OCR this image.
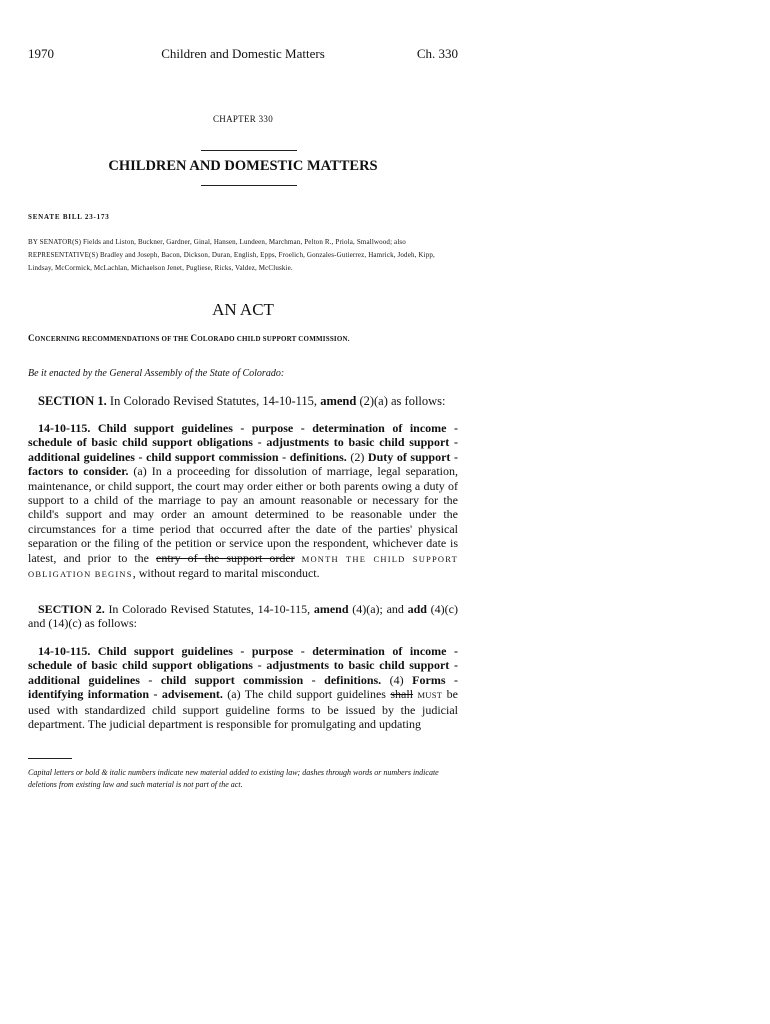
1970	Children and Domestic Matters	Ch. 330
CHAPTER 330
CHILDREN AND DOMESTIC MATTERS
SENATE BILL 23-173
BY SENATOR(S) Fields and Liston, Buckner, Gardner, Ginal, Hansen, Lundeen, Marchman, Pelton R., Priola, Smallwood; also REPRESENTATIVE(S) Bradley and Joseph, Bacon, Dickson, Duran, English, Epps, Froelich, Gonzales-Gutierrez, Hamrick, Jodeh, Kipp, Lindsay, McCormick, McLachlan, Michaelson Jenet, Pugliese, Ricks, Valdez, McCluskie.
AN ACT
CONCERNING RECOMMENDATIONS OF THE COLORADO CHILD SUPPORT COMMISSION.
Be it enacted by the General Assembly of the State of Colorado:
SECTION 1. In Colorado Revised Statutes, 14-10-115, amend (2)(a) as follows:
14-10-115. Child support guidelines - purpose - determination of income - schedule of basic child support obligations - adjustments to basic child support - additional guidelines - child support commission - definitions. (2) Duty of support - factors to consider. (a) In a proceeding for dissolution of marriage, legal separation, maintenance, or child support, the court may order either or both parents owing a duty of support to a child of the marriage to pay an amount reasonable or necessary for the child's support and may order an amount determined to be reasonable under the circumstances for a time period that occurred after the date of the parties' physical separation or the filing of the petition or service upon the respondent, whichever date is latest, and prior to the entry of the support order MONTH THE CHILD SUPPORT OBLIGATION BEGINS, without regard to marital misconduct.
SECTION 2. In Colorado Revised Statutes, 14-10-115, amend (4)(a); and add (4)(c) and (14)(c) as follows:
14-10-115. Child support guidelines - purpose - determination of income - schedule of basic child support obligations - adjustments to basic child support - additional guidelines - child support commission - definitions. (4) Forms - identifying information - advisement. (a) The child support guidelines shall MUST be used with standardized child support guideline forms to be issued by the judicial department. The judicial department is responsible for promulgating and updating
Capital letters or bold & italic numbers indicate new material added to existing law; dashes through words or numbers indicate deletions from existing law and such material is not part of the act.
